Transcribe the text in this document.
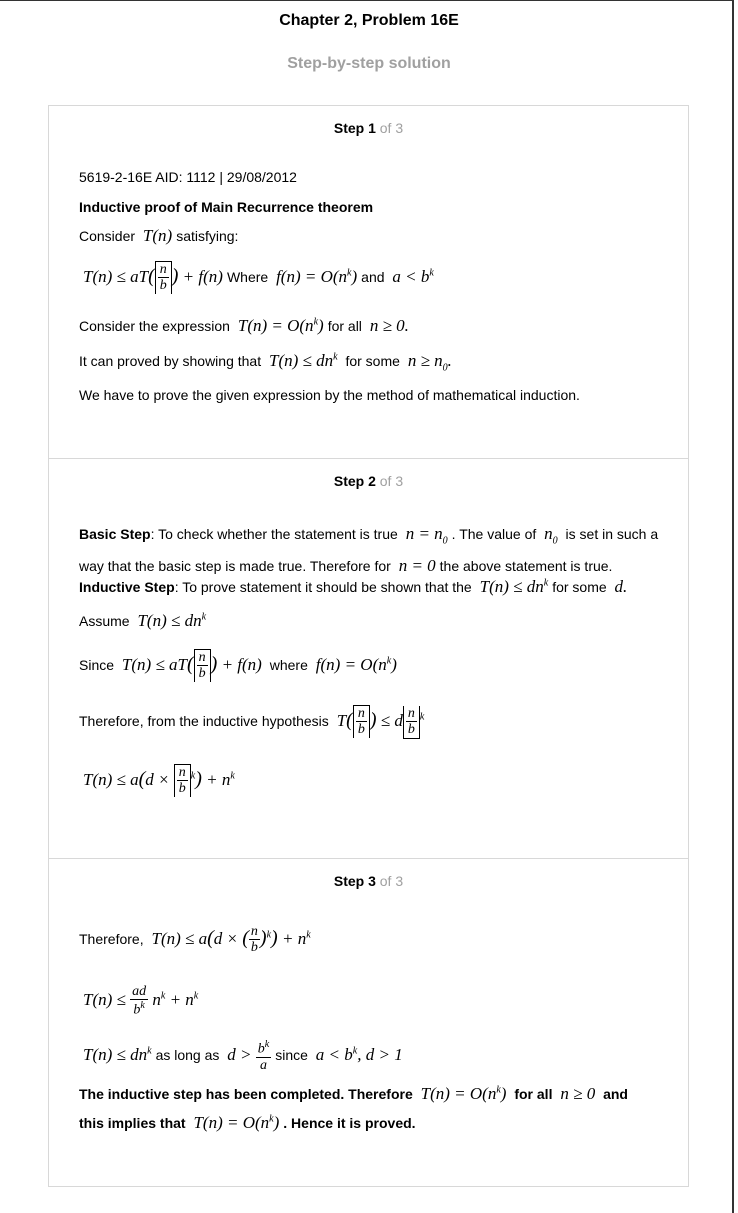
Chapter 2, Problem 16E
Step-by-step solution
Step 1 of 3
5619-2-16E AID: 1112 | 29/08/2012
Inductive proof of Main Recurrence theorem
Consider T(n) satisfying:
$T(n) \le aT( \frac{n}{b}$ ) + f(n) Where $f(n) = O(n^k)$ and $a < b^k$
Consider the expression $T(n) = O(n^k)$ for all n ≥ 0.
It can proved by showing that $T(n) \le dn^k$ for some $n \ge n_0$.
We have to prove the given expression by the method of mathematical induction.
Step 2 of 3
Basic Step: To check whether the statement is true $n = n_0$ . The value of $n_0$ is set in such a way that the basic step is made true. Therefore for n = 0 the above statement is true.
Inductive Step: To prove statement it should be shown that the $T(n) \le dn^k$ for some d.
Assume $T(n) \le dn^k$
Since $T(n) \le aT( \frac{n}{b}$ ) + f(n) where $f(n) = O(n^k)$
Therefore, from the inductive hypothesis $T( \frac{n}{b}$ ) ≤ d $\frac{n}{b} ^k$
$T(n) \le a(d \times \frac{n}{b} ^k) + n^k$
Step 3 of 3
Therefore, T(n) ≤ a(d × ( $\frac{n}{b} )^k) + n^k$
$T(n) \le \frac{ad}{b^k} n^k + n^k$
$T(n) \le dn^k$ as long as $d > \frac{b^k}{a}$ since $a < b^k$, d > 1
The inductive step has been completed. Therefore $T(n) = O(n^k)$ for all n ≥ 0 and
this implies that $T(n) = O(n^k)$ . Hence it is proved.
